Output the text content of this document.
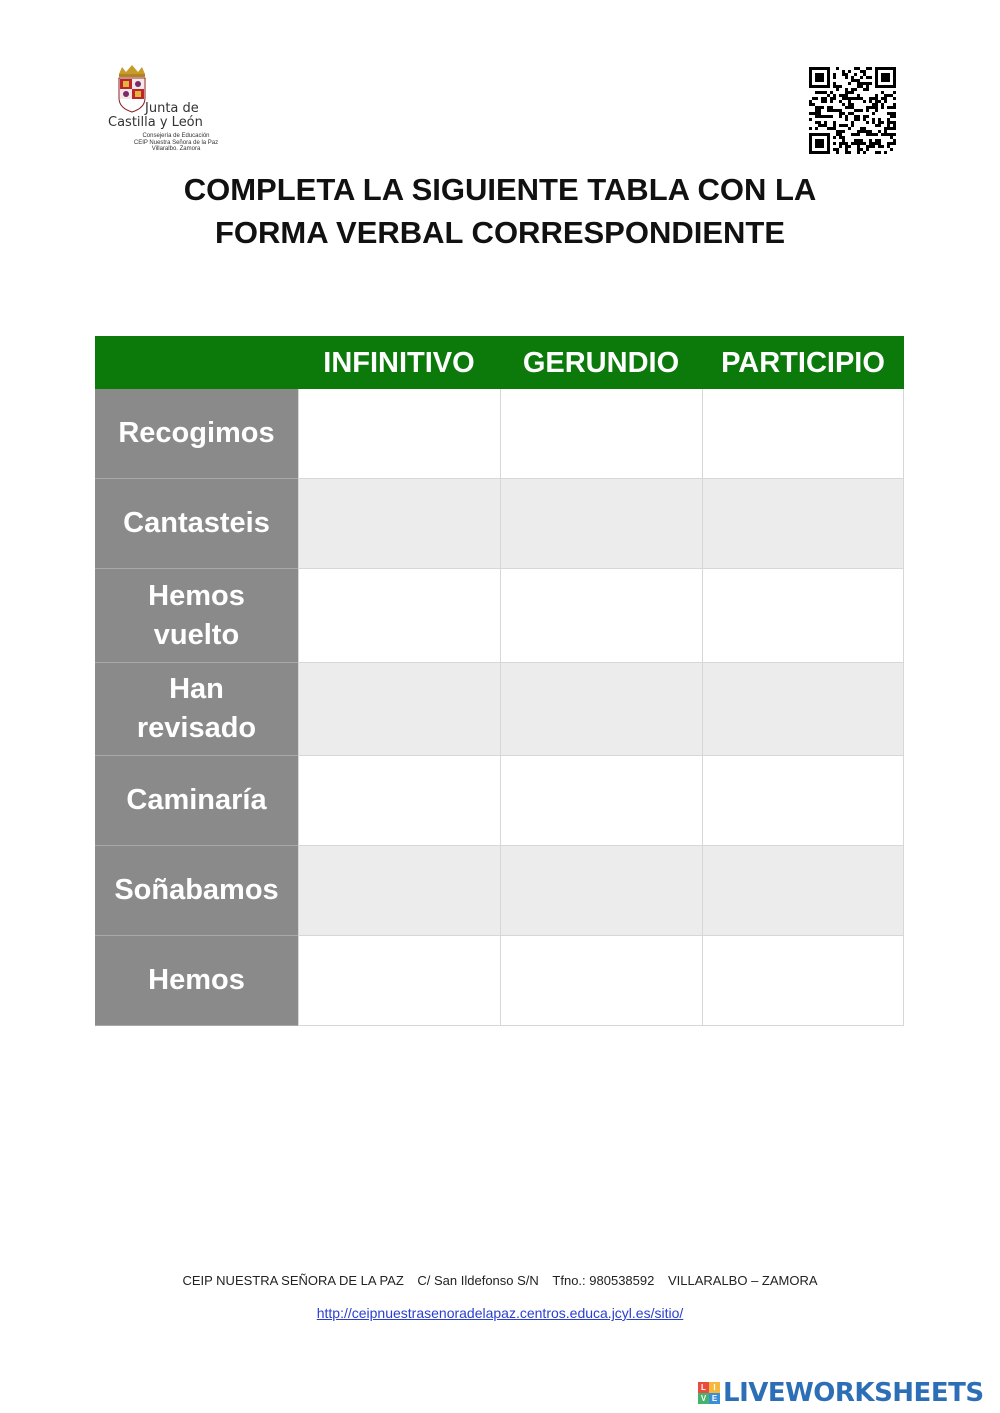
Junta de
Castilla y León
Consejería de Educación
CEIP Nuestra Señora de la Paz
Villaralbo. Zamora
COMPLETA LA SIGUIENTE TABLA CON LA
FORMA VERBAL CORRESPONDIENTE
INFINITIVO	GERUNDIO	PARTICIPIO
Recogimos
Cantasteis
Hemos
vuelto
Han
revisado
Caminaría
Soñabamos
Hemos
CEIP NUESTRA SEÑORA DE LA PAZ C/ San Ildefonso S/N Tfno.: 980538592 VILLARALBO – ZAMORA
http://ceipnuestrasenoradelapaz.centros.educa.jcyl.es/sitio/
L I
V E LIVEWORKSHEETS
